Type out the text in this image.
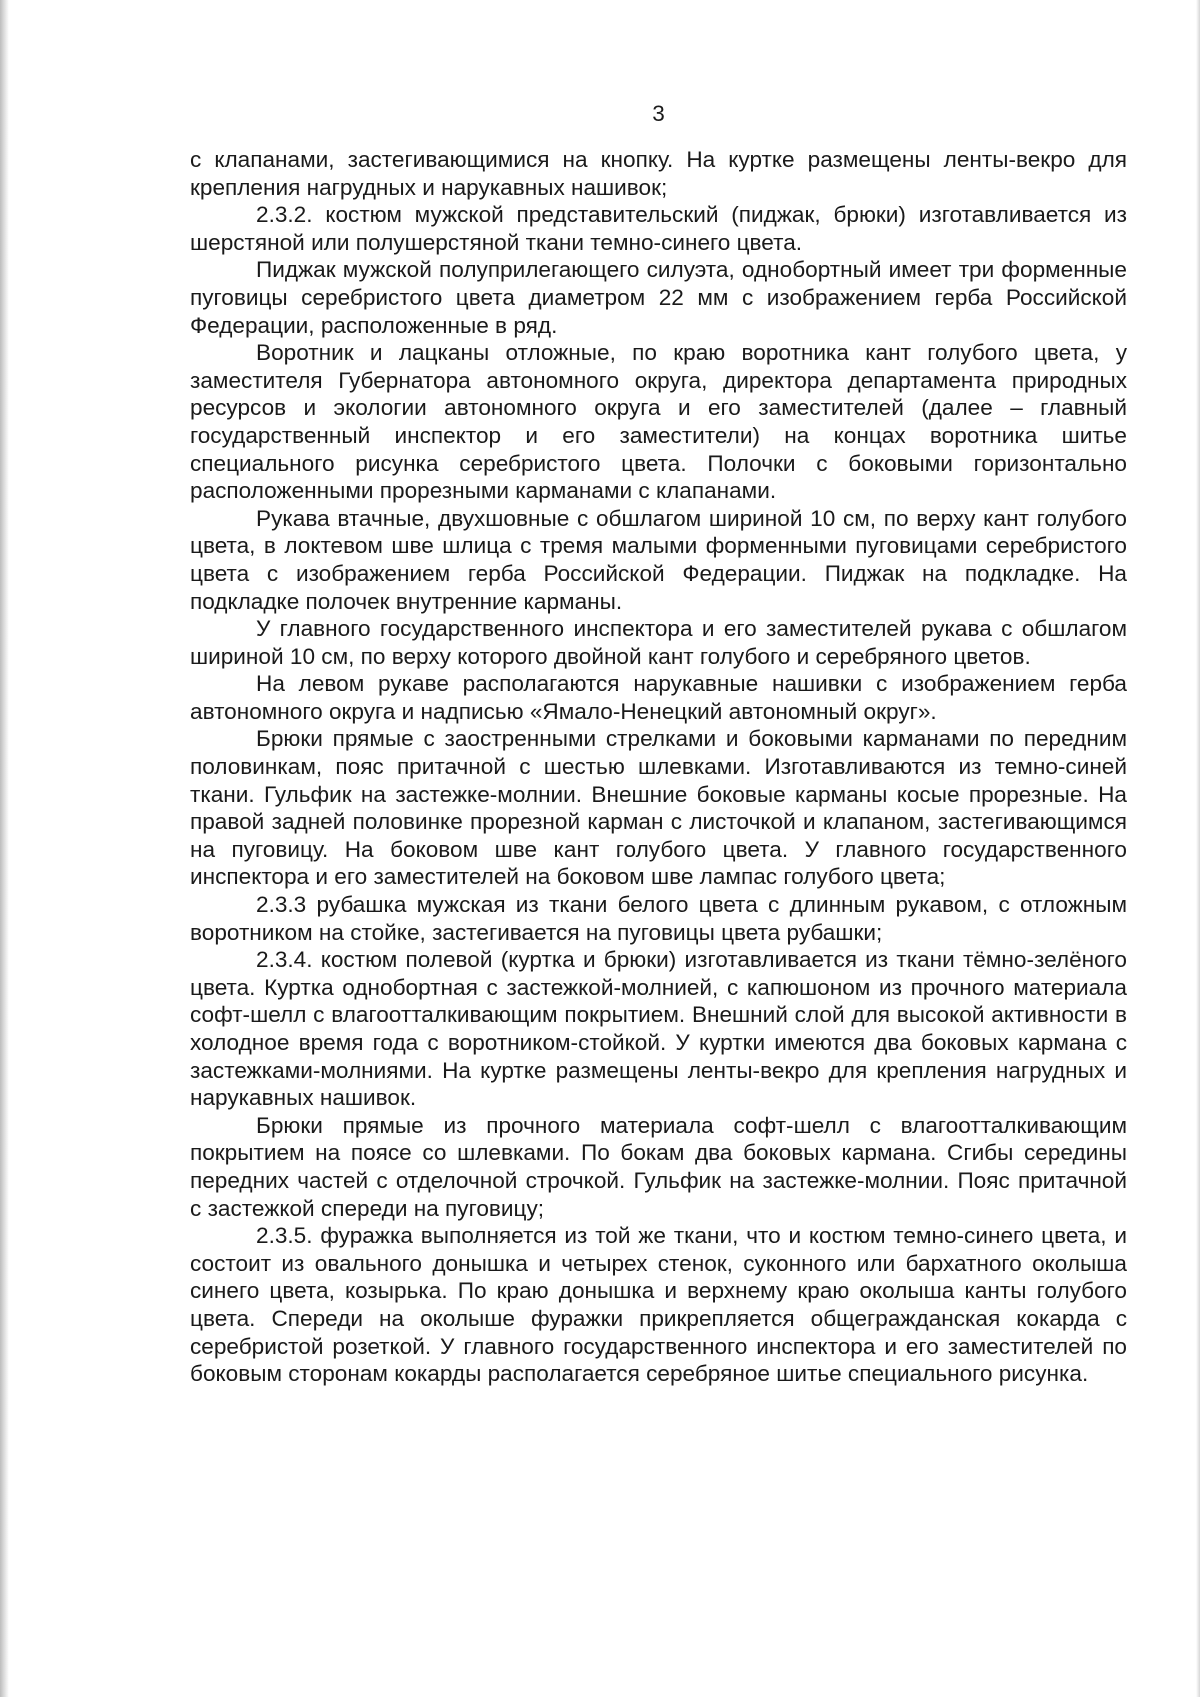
3

с клапанами, застегивающимися на кнопку. На куртке размещены ленты-векро для крепления нагрудных и нарукавных нашивок;

2.3.2. костюм мужской представительский (пиджак, брюки) изготавливается из шерстяной или полушерстяной ткани темно-синего цвета.

Пиджак мужской полуприлегающего силуэта, однобортный имеет три форменные пуговицы серебристого цвета диаметром 22 мм с изображением герба Российской Федерации, расположенные в ряд.

Воротник и лацканы отложные, по краю воротника кант голубого цвета, у заместителя Губернатора автономного округа, директора департамента природных ресурсов и экологии автономного округа и его заместителей (далее – главный государственный инспектор и его заместители) на концах воротника шитье специального рисунка серебристого цвета. Полочки с боковыми горизонтально расположенными прорезными карманами с клапанами.

Рукава втачные, двухшовные с обшлагом шириной 10 см, по верху кант голубого цвета, в локтевом шве шлица с тремя малыми форменными пуговицами серебристого цвета с изображением герба Российской Федерации. Пиджак на подкладке. На подкладке полочек внутренние карманы.

У главного государственного инспектора и его заместителей рукава с обшлагом шириной 10 см, по верху которого двойной кант голубого и серебряного цветов.

На левом рукаве располагаются нарукавные нашивки с изображением герба автономного округа и надписью «Ямало-Ненецкий автономный округ».

Брюки прямые с заостренными стрелками и боковыми карманами по передним половинкам, пояс притачной с шестью шлевками. Изготавливаются из темно-синей ткани. Гульфик на застежке-молнии. Внешние боковые карманы косые прорезные. На правой задней половинке прорезной карман с листочкой и клапаном, застегивающимся на пуговицу. На боковом шве кант голубого цвета. У главного государственного инспектора и его заместителей на боковом шве лампас голубого цвета;

2.3.3 рубашка мужская из ткани белого цвета с длинным рукавом, с отложным воротником на стойке, застегивается на пуговицы цвета рубашки;

2.3.4. костюм полевой (куртка и брюки) изготавливается из ткани тёмно-зелёного цвета. Куртка однобортная с застежкой-молнией, с капюшоном из прочного материала софт-шелл с влагоотталкивающим покрытием. Внешний слой для высокой активности в холодное время года с воротником-стойкой. У куртки имеются два боковых кармана с застежками-молниями. На куртке размещены ленты-векро для крепления нагрудных и нарукавных нашивок.

Брюки прямые из прочного материала софт-шелл с влагоотталкивающим покрытием на поясе со шлевками. По бокам два боковых кармана. Сгибы середины передних частей с отделочной строчкой. Гульфик на застежке-молнии. Пояс притачной с застежкой спереди на пуговицу;

2.3.5. фуражка выполняется из той же ткани, что и костюм темно-синего цвета, и состоит из овального донышка и четырех стенок, суконного или бархатного околыша синего цвета, козырька. По краю донышка и верхнему краю околыша канты голубого цвета. Спереди на околыше фуражки прикрепляется общегражданская кокарда с серебристой розеткой. У главного государственного инспектора и его заместителей по боковым сторонам кокарды располагается серебряное шитье специального рисунка.
